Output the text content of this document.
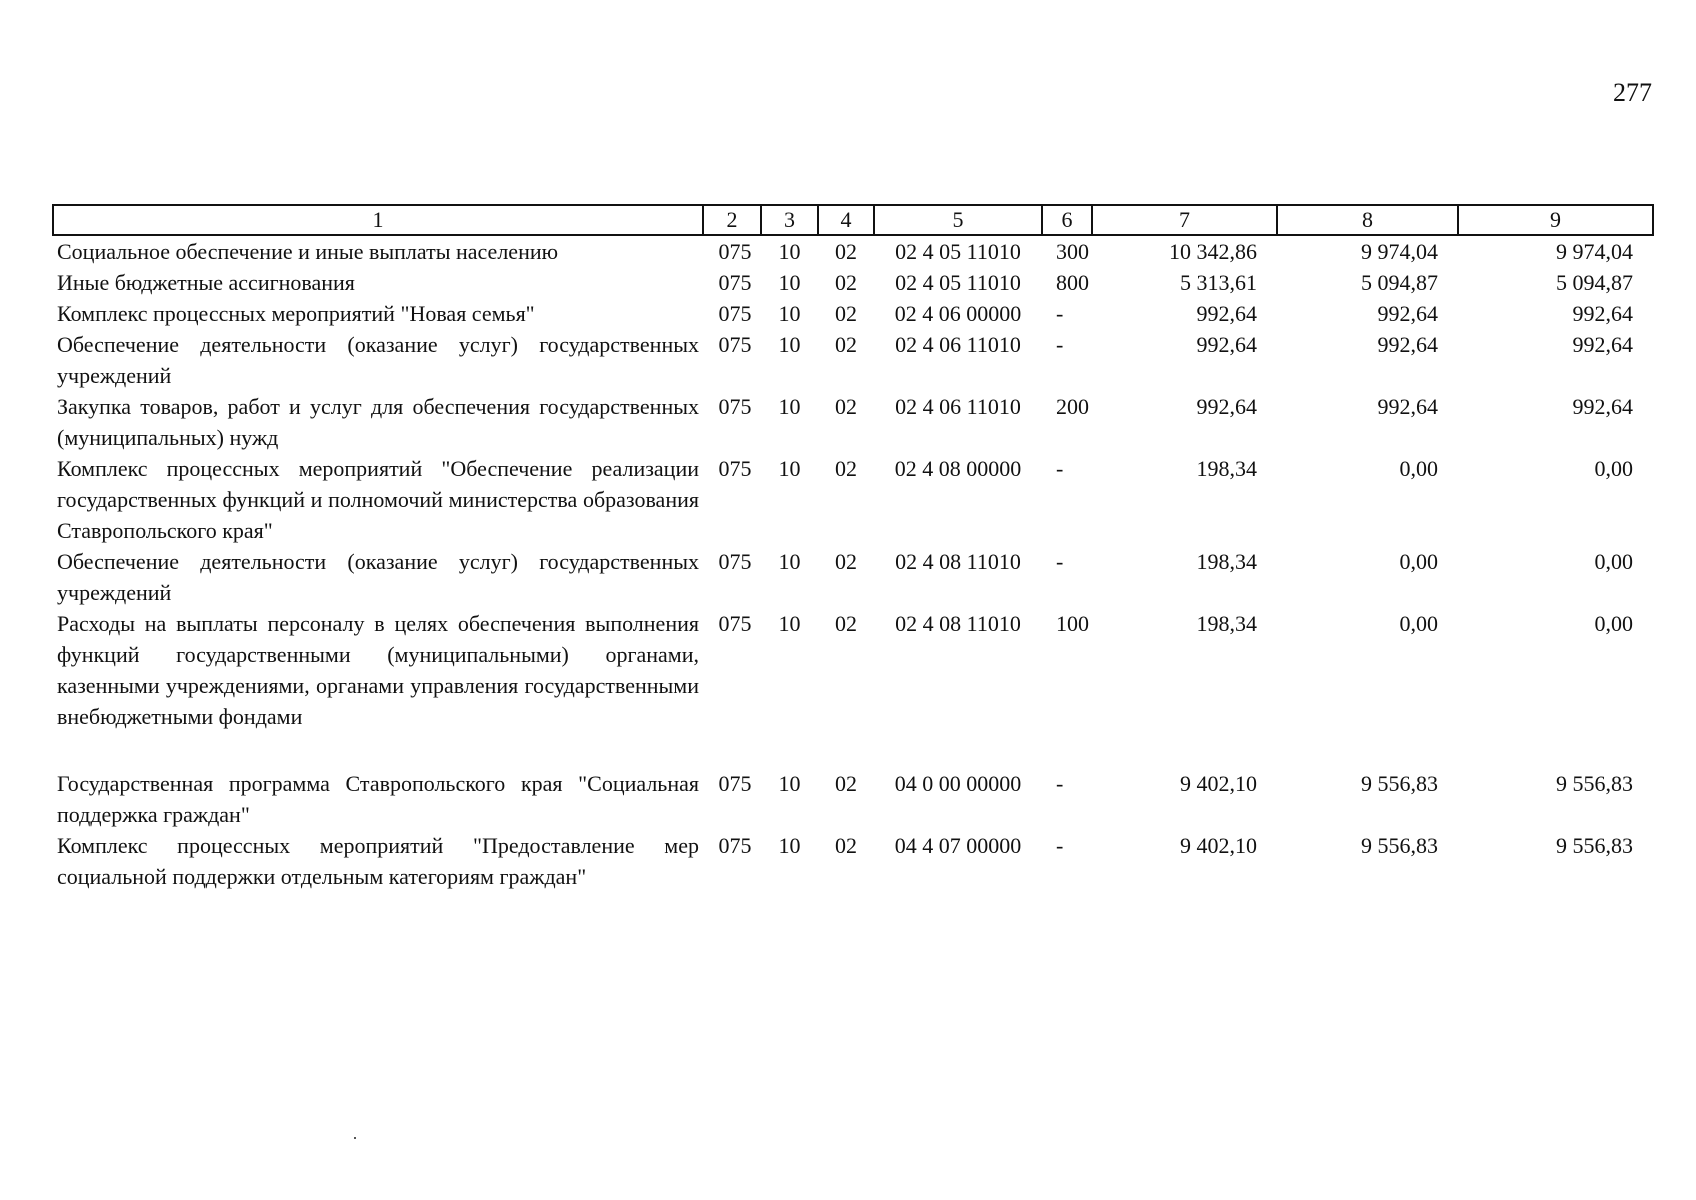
277
1	2	3	4	5	6	7	8	9
Социальное обеспечение и иные выплаты населению	075	10	02	02 4 05 11010	300	10 342,86	9 974,04	9 974,04
Иные бюджетные ассигнования	075	10	02	02 4 05 11010	800	5 313,61	5 094,87	5 094,87
Комплекс процессных мероприятий "Новая семья"	075	10	02	02 4 06 00000	-	992,64	992,64	992,64
Обеспечение деятельности (оказание услуг) государственных учреждений	075	10	02	02 4 06 11010	-	992,64	992,64	992,64
Закупка товаров, работ и услуг для обеспечения государственных (муниципальных) нужд	075	10	02	02 4 06 11010	200	992,64	992,64	992,64
Комплекс процессных мероприятий "Обеспечение реализации государственных функций и полномочий министерства образования Ставропольского края"	075	10	02	02 4 08 00000	-	198,34	0,00	0,00
Обеспечение деятельности (оказание услуг) государственных учреждений	075	10	02	02 4 08 11010	-	198,34	0,00	0,00
Расходы на выплаты персоналу в целях обеспечения выполнения функций государственными (муниципальными) органами, казенными учреждениями, органами управления государственными внебюджетными фондами	075	10	02	02 4 08 11010	100	198,34	0,00	0,00

Государственная программа Ставропольского края "Социальная поддержка граждан"	075	10	02	04 0 00 00000	-	9 402,10	9 556,83	9 556,83
Комплекс процессных мероприятий "Предоставление мер социальной поддержки отдельным категориям граждан"	075	10	02	04 4 07 00000	-	9 402,10	9 556,83	9 556,83
